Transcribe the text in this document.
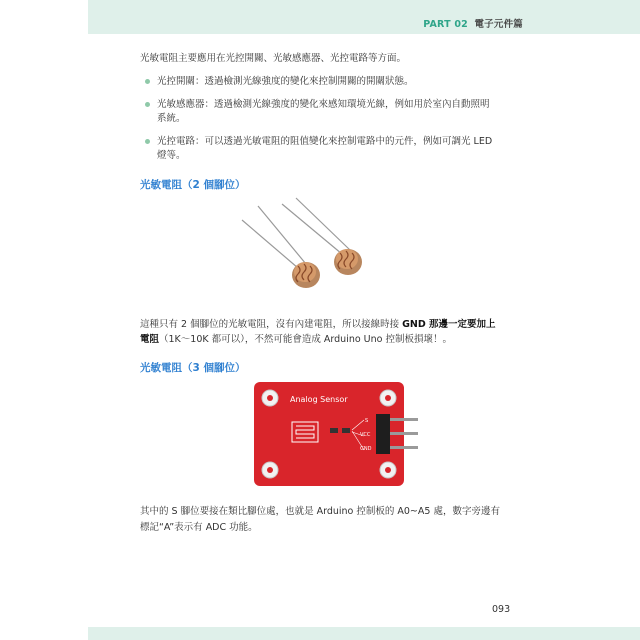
PART 02 電子元件篇
光敏電阻主要應用在光控開關、光敏感應器、光控電路等方面。
光控開關：透過檢測光線強度的變化來控制開關的開關狀態。
光敏感應器：透過檢測光線強度的變化來感知環境光線，例如用於室內自動照明
系統。
光控電路：可以透過光敏電阻的阻值變化來控制電路中的元件，例如可調光 LED
燈等。
光敏電阻（2 個腳位）
這種只有 2 個腳位的光敏電阻，沒有內建電阻，所以接線時接 GND 那邊一定要加上
電阻（1K～10K 都可以），不然可能會造成 Arduino Uno 控制板損壞！。
光敏電阻（3 個腳位）
Analog Sensor
S
VCC
GND
其中的 S 腳位要接在類比腳位處，也就是 Arduino 控制板的 A0~A5 處，數字旁邊有
標記“A”表示有 ADC 功能。
093
